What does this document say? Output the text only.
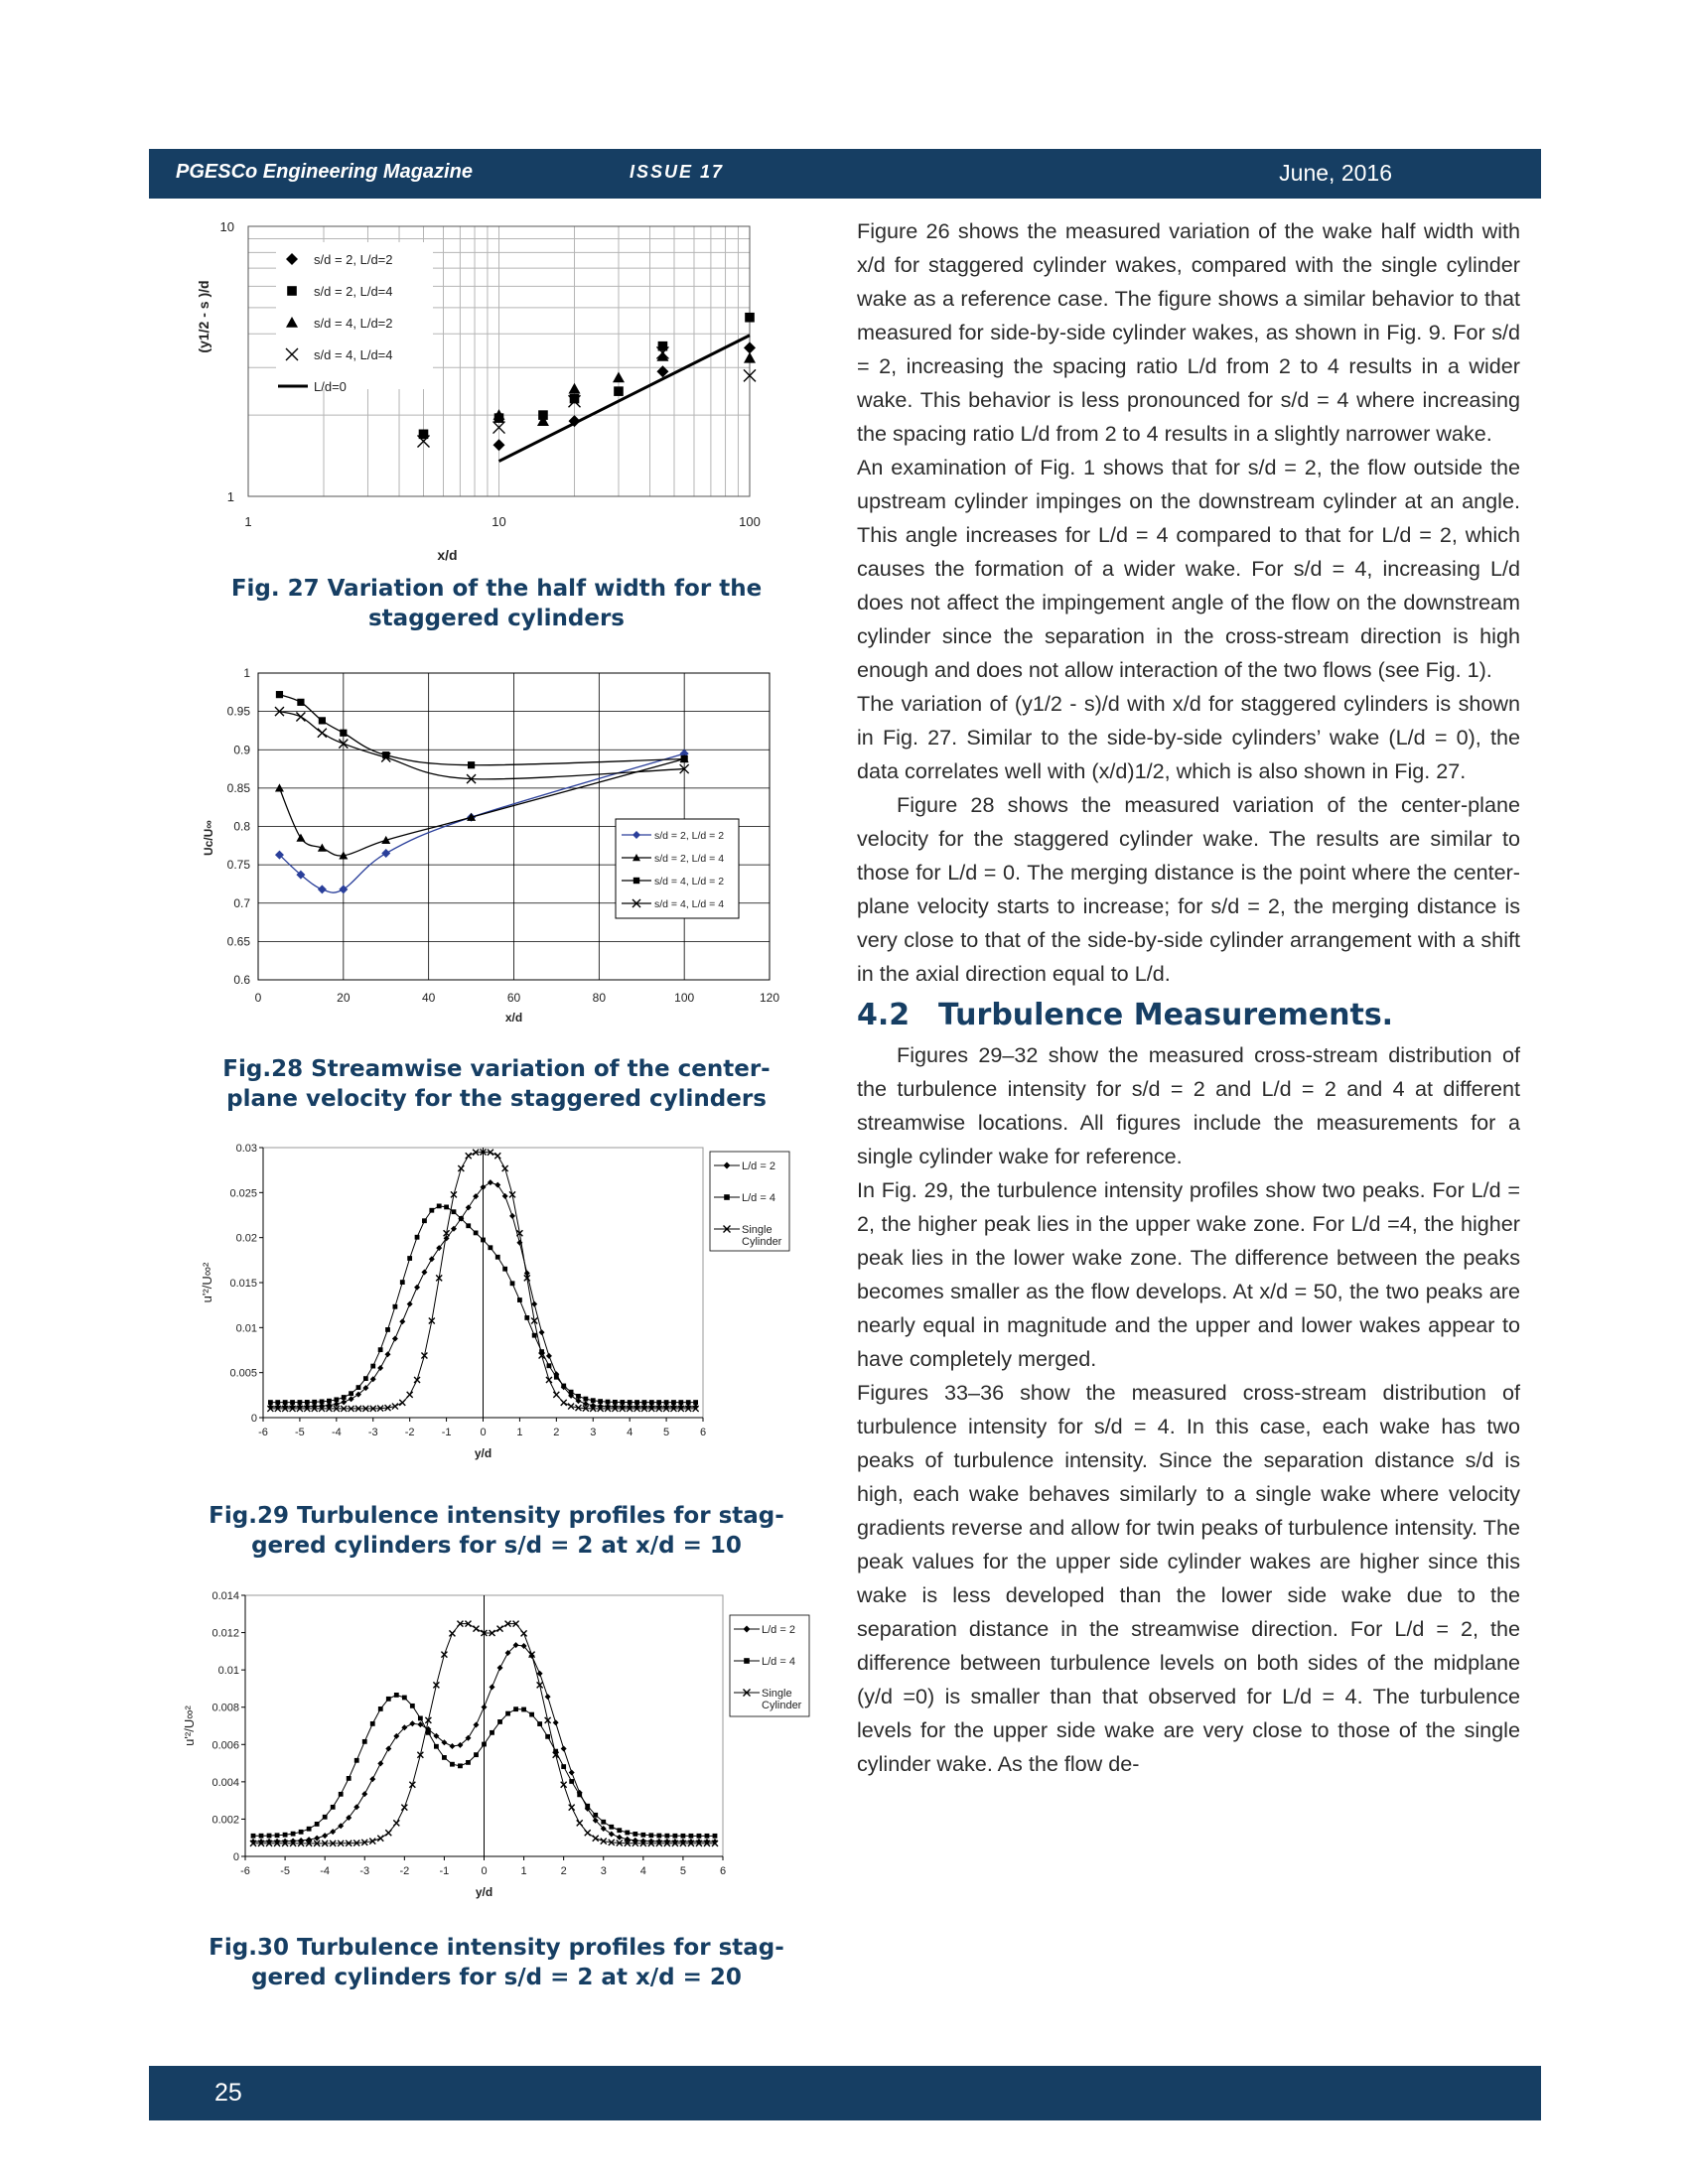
PGESCo Engineering Magazine	ISSUE 17	June, 2016
1	10	100
1
10
x/d
(y1/2 - s )/d
s/d = 2, L/d=2
s/d = 2, L/d=4
s/d = 4, L/d=2
s/d = 4, L/d=4
L/d=0
Fig. 27 Variation of the half width for the
staggered cylinders
0	20	40	60	80	100	120
0.6
0.65
0.7
0.75
0.8
0.85
0.9
0.95
1
x/d
Uc/U∞	s/d = 2, L/d = 2
s/d = 2, L/d = 4
s/d = 4, L/d = 2
s/d = 4, L/d = 4
Fig.28 Streamwise variation of the center-
plane velocity for the staggered cylinders
-6 -5 -4 -3 -2 -1	0	1	2	3	4	5	6
0
0.005
0.01
0.015
0.02
0.025
0.03
y/d
u'²/U∞²
L/d = 2
L/d = 4
Single
Cylinder
Fig.29 Turbulence intensity profiles for stag-
gered cylinders for s/d = 2 at x/d = 10
-6	-5	-4	-3	-2	-1	0	1	2	3	4	5	6
0
0.002
0.004
0.006
0.008
0.01
0.012
0.014
y/d
u'²/U∞²
L/d = 2
L/d = 4
Single
Cylinder
Fig.30 Turbulence intensity profiles for stag-
gered cylinders for s/d = 2 at x/d = 20

Figure 26 shows the measured variation of the wake half width with x/d for staggered cylinder wakes, compared with the single cylinder wake as a reference case. The figure shows a similar behavior to that measured for side-by-side cylinder wakes, as shown in Fig. 9. For s/d = 2, increasing the spacing ratio L/d from 2 to 4 results in a wider wake. This behavior is less pronounced for s/d = 4 where increasing the spacing ratio L/d from 2 to 4 results in a slightly narrower wake.

An examination of Fig. 1 shows that for s/d = 2, the flow outside the upstream cylinder impinges on the downstream cylinder at an angle. This angle increases for L/d = 4 compared to that for L/d = 2, which causes the formation of a wider wake. For s/d = 4, increasing L/d does not affect the impingement angle of the flow on the downstream cylinder since the separation in the cross-stream direction is high enough and does not allow interaction of the two flows (see Fig. 1).

The variation of (y1/2 - s)/d with x/d for staggered cylinders is shown in Fig. 27. Similar to the side-by-side cylinders’ wake (L/d = 0), the data correlates well with (x/d)1/2, which is also shown in Fig. 27.

Figure 28 shows the measured variation of the center-plane velocity for the staggered cylinder wake. The results are similar to those for L/d = 0. The merging distance is the point where the center-plane velocity starts to increase; for s/d = 2, the merging distance is very close to that of the side-by-side cylinder arrangement with a shift in the axial direction equal to L/d.

4.2 Turbulence Measurements.

Figures 29–32 show the measured cross-stream distribution of the turbulence intensity for s/d = 2 and L/d = 2 and 4 at different streamwise locations. All figures include the measurements for a single cylinder wake for reference.

In Fig. 29, the turbulence intensity profiles show two peaks. For L/d = 2, the higher peak lies in the upper wake zone. For L/d =4, the higher peak lies in the lower wake zone. The difference between the peaks becomes smaller as the flow develops. At x/d = 50, the two peaks are nearly equal in magnitude and the upper and lower wakes appear to have completely merged.

Figures 33–36 show the measured cross-stream distribution of turbulence intensity for s/d = 4. In this case, each wake has two peaks of turbulence intensity. Since the separation distance s/d is high, each wake behaves similarly to a single wake where velocity gradients reverse and allow for twin peaks of turbulence intensity. The peak values for the upper side cylinder wakes are higher since this wake is less developed than the lower side wake due to the separation distance in the streamwise direction. For L/d = 2, the difference between turbulence levels on both sides of the midplane (y/d =0) is smaller than that observed for L/d = 4. The turbulence levels for the upper side wake are very close to those of the single cylinder wake. As the flow de-

25
